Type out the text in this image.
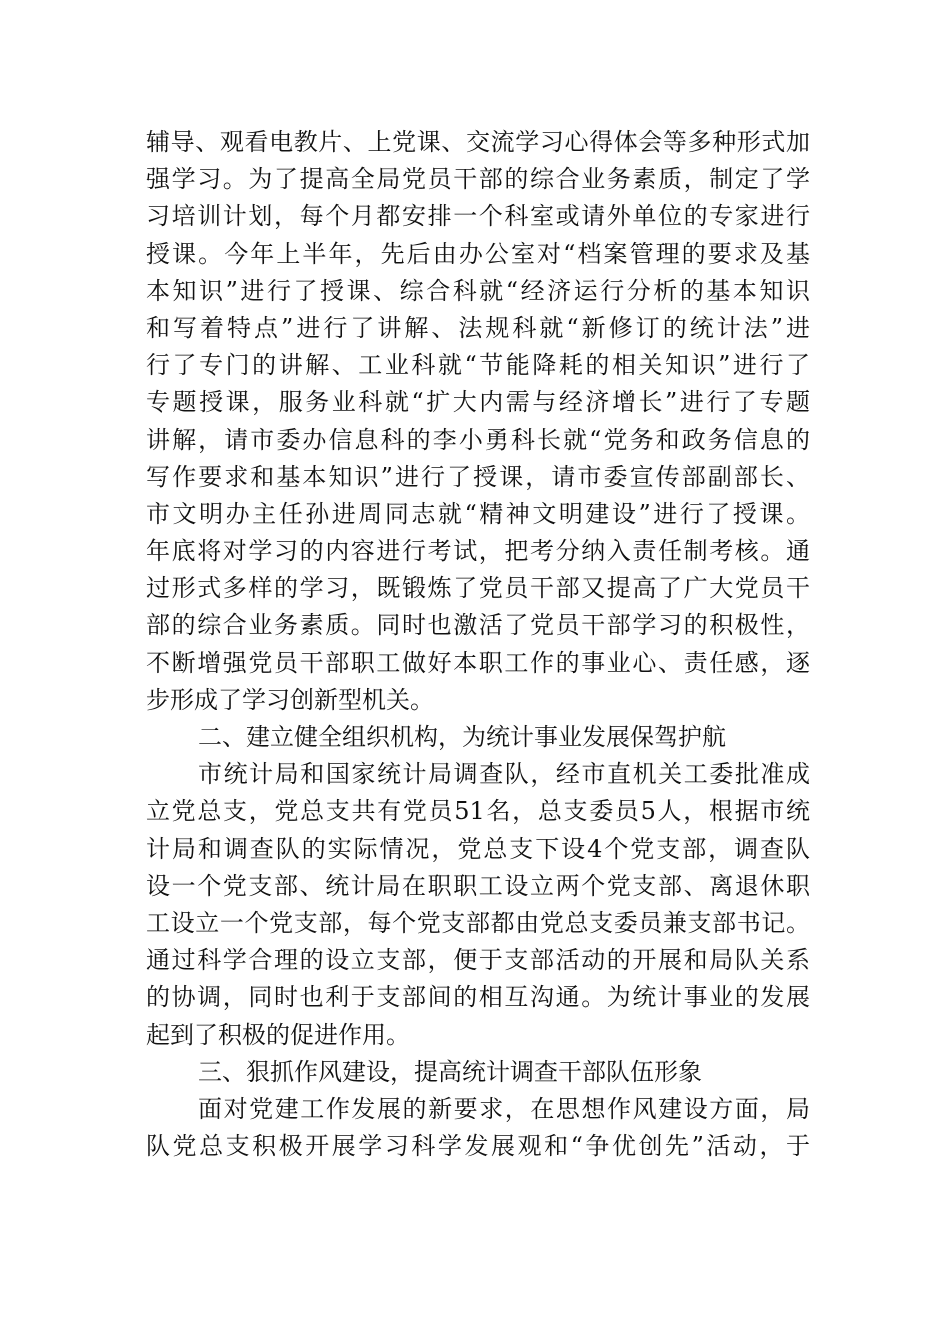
辅导、观看电教片、上党课、交流学习心得体会等多种形式加
强学习。为了提高全局党员干部的综合业务素质，制定了学
习培训计划，每个月都安排一个科室或请外单位的专家进行
授课。今年上半年，先后由办公室对“档案管理的要求及基
本知识”进行了授课、综合科就“经济运行分析的基本知识
和写着特点”进行了讲解、法规科就“新修订的统计法”进
行了专门的讲解、工业科就“节能降耗的相关知识”进行了
专题授课，服务业科就“扩大内需与经济增长”进行了专题
讲解，请市委办信息科的李小勇科长就“党务和政务信息的
写作要求和基本知识”进行了授课，请市委宣传部副部长、
市文明办主任孙进周同志就“精神文明建设”进行了授课。
年底将对学习的内容进行考试，把考分纳入责任制考核。通
过形式多样的学习，既锻炼了党员干部又提高了广大党员干
部的综合业务素质。同时也激活了党员干部学习的积极性，
不断增强党员干部职工做好本职工作的事业心、责任感，逐
步形成了学习创新型机关。
二、建立健全组织机构，为统计事业发展保驾护航
市统计局和国家统计局调查队，经市直机关工委批准成
立党总支，党总支共有党员51名，总支委员5人，根据市统
计局和调查队的实际情况，党总支下设4个党支部，调查队
设一个党支部、统计局在职职工设立两个党支部、离退休职
工设立一个党支部，每个党支部都由党总支委员兼支部书记。
通过科学合理的设立支部，便于支部活动的开展和局队关系
的协调，同时也利于支部间的相互沟通。为统计事业的发展
起到了积极的促进作用。
三、狠抓作风建设，提高统计调查干部队伍形象
面对党建工作发展的新要求，在思想作风建设方面，局
队党总支积极开展学习科学发展观和“争优创先”活动，于
